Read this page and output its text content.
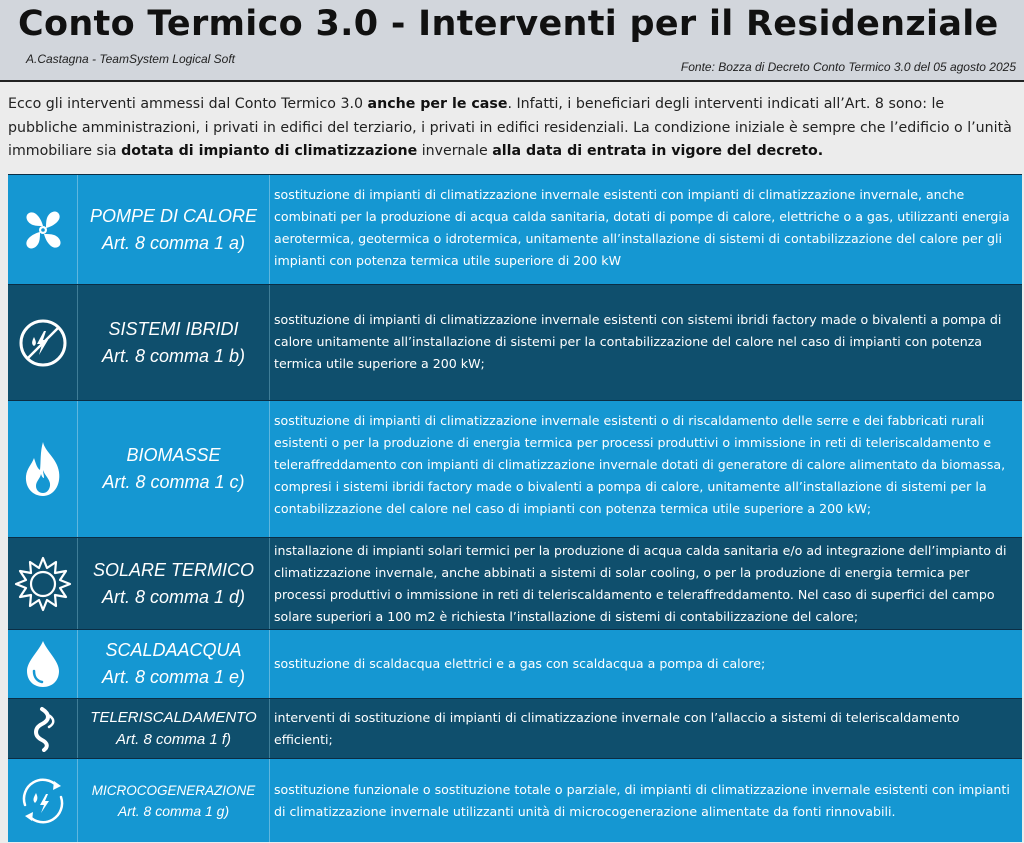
Conto Termico 3.0 - Interventi per il Residenziale
A.Castagna - TeamSystem Logical Soft
Fonte: Bozza di Decreto Conto Termico 3.0 del 05 agosto 2025
Ecco gli interventi ammessi dal Conto Termico 3.0 anche per le case. Infatti, i beneficiari degli interventi indicati all’Art. 8 sono: le pubbliche amministrazioni, i privati in edifici del terziario, i privati in edifici residenziali. La condizione iniziale è sempre che l’edificio o l’unità immobiliare sia dotata di impianto di climatizzazione invernale alla data di entrata in vigore del decreto.
POMPE DI CALORE
Art. 8 comma 1 a)
sostituzione di impianti di climatizzazione invernale esistenti con impianti di climatizzazione invernale, anche combinati per la produzione di acqua calda sanitaria, dotati di pompe di calore, elettriche o a gas, utilizzanti energia aerotermica, geotermica o idrotermica, unitamente all’installazione di sistemi di contabilizzazione del calore per gli impianti con potenza termica utile superiore di 200 kW
SISTEMI IBRIDI
Art. 8 comma 1 b)
sostituzione di impianti di climatizzazione invernale esistenti con sistemi ibridi factory made o bivalenti a pompa di calore unitamente all’installazione di sistemi per la contabilizzazione del calore nel caso di impianti con potenza termica utile superiore a 200 kW;
BIOMASSE
Art. 8 comma 1 c)
sostituzione di impianti di climatizzazione invernale esistenti o di riscaldamento delle serre e dei fabbricati rurali esistenti o per la produzione di energia termica per processi produttivi o immissione in reti di teleriscaldamento e teleraffreddamento con impianti di climatizzazione invernale dotati di generatore di calore alimentato da biomassa, compresi i sistemi ibridi factory made o bivalenti a pompa di calore, unitamente all’installazione di sistemi per la contabilizzazione del calore nel caso di impianti con potenza termica utile superiore a 200 kW;
SOLARE TERMICO
Art. 8 comma 1 d)
installazione di impianti solari termici per la produzione di acqua calda sanitaria e/o ad integrazione dell’impianto di climatizzazione invernale, anche abbinati a sistemi di solar cooling, o per la produzione di energia termica per processi produttivi o immissione in reti di teleriscaldamento e teleraffreddamento. Nel caso di superfici del campo solare superiori a 100 m2 è richiesta l’installazione di sistemi di contabilizzazione del calore;
SCALDAACQUA
Art. 8 comma 1 e)
sostituzione di scaldacqua elettrici e a gas con scaldacqua a pompa di calore;
TELERISCALDAMENTO
Art. 8 comma 1 f)
interventi di sostituzione di impianti di climatizzazione invernale con l’allaccio a sistemi di teleriscaldamento efficienti;
MICROCOGENERAZIONE
Art. 8 comma 1 g)
sostituzione funzionale o sostituzione totale o parziale, di impianti di climatizzazione invernale esistenti con impianti di climatizzazione invernale utilizzanti unità di microcogenerazione alimentate da fonti rinnovabili.
